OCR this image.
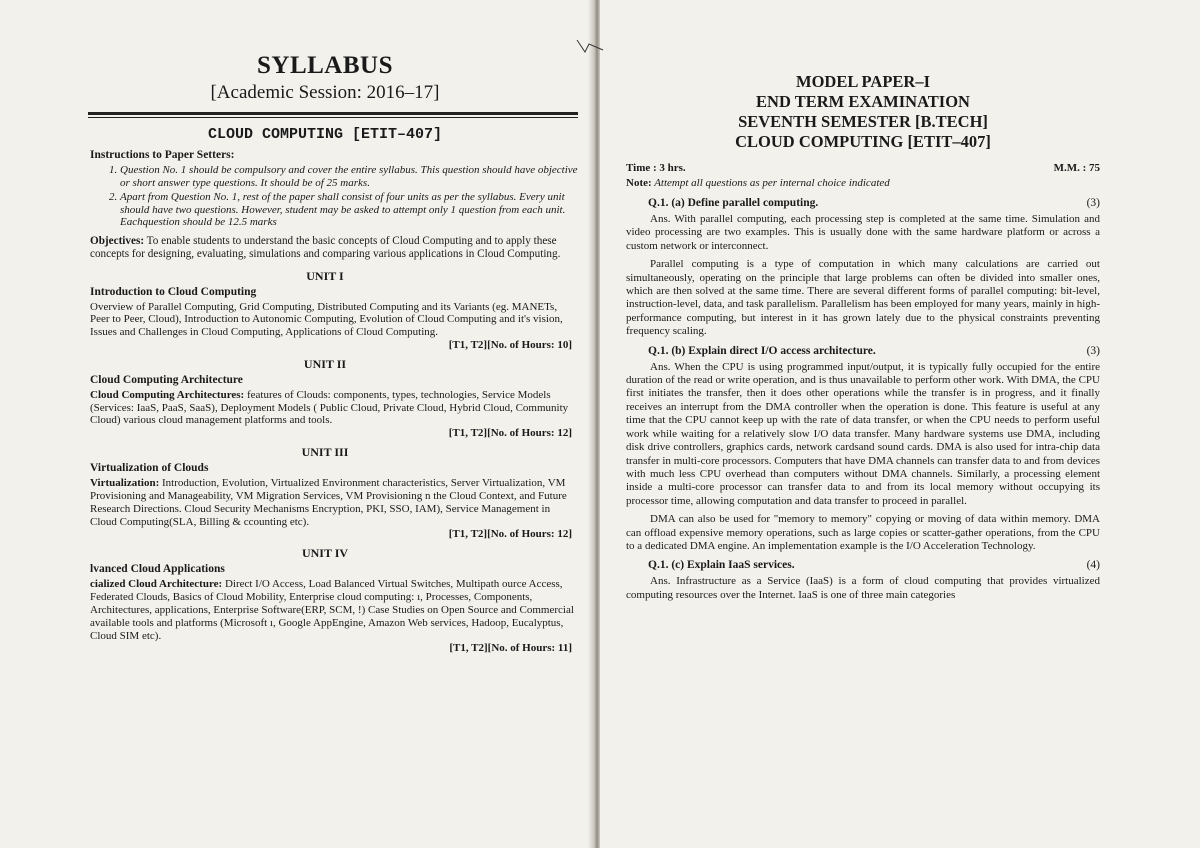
SYLLABUS
[Academic Session: 2016–17]
CLOUD COMPUTING [ETIT–407]
Instructions to Paper Setters:
1. Question No. 1 should be compulsory and cover the entire syllabus. This question should have objective or short answer type questions. It should be of 25 marks.
2. Apart from Question No. 1, rest of the paper shall consist of four units as per the syllabus. Every unit should have two questions. However, student may be asked to attempt only 1 question from each unit. Eachquestion should be 12.5 marks

Objectives: To enable students to understand the basic concepts of Cloud Computing and to apply these concepts for designing, evaluating, simulations and comparing various applications in Cloud Computing.

UNIT I
Introduction to Cloud Computing
Overview of Parallel Computing, Grid Computing, Distributed Computing and its Variants (eg. MANETs, Peer to Peer, Cloud), Introduction to Autonomic Computing, Evolution of Cloud Computing and it's vision, Issues and Challenges in Cloud Computing, Applications of Cloud Computing.
[T1, T2][No. of Hours: 10]
UNIT II
Cloud Computing Architecture
Cloud Computing Architectures: features of Clouds: components, types, technologies, Service Models (Services: IaaS, PaaS, SaaS), Deployment Models ( Public Cloud, Private Cloud, Hybrid Cloud, Community Cloud) various cloud management platforms and tools.
[T1, T2][No. of Hours: 12]
UNIT III
Virtualization of Clouds
Virtualization: Introduction, Evolution, Virtualized Environment characteristics, Server Virtualization, VM Provisioning and Manageability, VM Migration Services, VM Provisioning n the Cloud Context, and Future Research Directions. Cloud Security Mechanisms Encryption, PKI, SSO, IAM), Service Management in Cloud Computing(SLA, Billing & ccounting etc).
[T1, T2][No. of Hours: 12]
UNIT IV
lvanced Cloud Applications
cialized Cloud Architecture: Direct I/O Access, Load Balanced Virtual Switches, Multipath ource Access, Federated Clouds, Basics of Cloud Mobility, Enterprise cloud computing: ı, Processes, Components, Architectures, applications, Enterprise Software(ERP, SCM, !) Case Studies on Open Source and Commercial available tools and platforms (Microsoft ı, Google AppEngine, Amazon Web services, Hadoop, Eucalyptus, Cloud SIM etc).
[T1, T2][No. of Hours: 11]
MODEL PAPER–I
END TERM EXAMINATION
SEVENTH SEMESTER [B.TECH]
CLOUD COMPUTING [ETIT–407]
Time : 3 hrs.	M.M. : 75
Note: Attempt all questions as per internal choice indicated
Q.1. (a) Define parallel computing.	(3)

Ans. With parallel computing, each processing step is completed at the same time. Simulation and video processing are two examples. This is usually done with the same hardware platform or across a custom network or interconnect.

Parallel computing is a type of computation in which many calculations are carried out simultaneously, operating on the principle that large problems can often be divided into smaller ones, which are then solved at the same time. There are several different forms of parallel computing: bit-level, instruction-level, data, and task parallelism. Parallelism has been employed for many years, mainly in high-performance computing, but interest in it has grown lately due to the physical constraints preventing frequency scaling.

Q.1. (b) Explain direct I/O access architecture.	(3)

Ans. When the CPU is using programmed input/output, it is typically fully occupied for the entire duration of the read or write operation, and is thus unavailable to perform other work. With DMA, the CPU first initiates the transfer, then it does other operations while the transfer is in progress, and it finally receives an interrupt from the DMA controller when the operation is done. This feature is useful at any time that the CPU cannot keep up with the rate of data transfer, or when the CPU needs to perform useful work while waiting for a relatively slow I/O data transfer. Many hardware systems use DMA, including disk drive controllers, graphics cards, network cardsand sound cards. DMA is also used for intra-chip data transfer in multi-core processors. Computers that have DMA channels can transfer data to and from devices with much less CPU overhead than computers without DMA channels. Similarly, a processing element inside a multi-core processor can transfer data to and from its local memory without occupying its processor time, allowing computation and data transfer to proceed in parallel.

DMA can also be used for "memory to memory" copying or moving of data within memory. DMA can offload expensive memory operations, such as large copies or scatter-gather operations, from the CPU to a dedicated DMA engine. An implementation example is the I/O Acceleration Technology.

Q.1. (c) Explain IaaS services.	(4)

Ans. Infrastructure as a Service (IaaS) is a form of cloud computing that provides virtualized computing resources over the Internet. IaaS is one of three main categories
